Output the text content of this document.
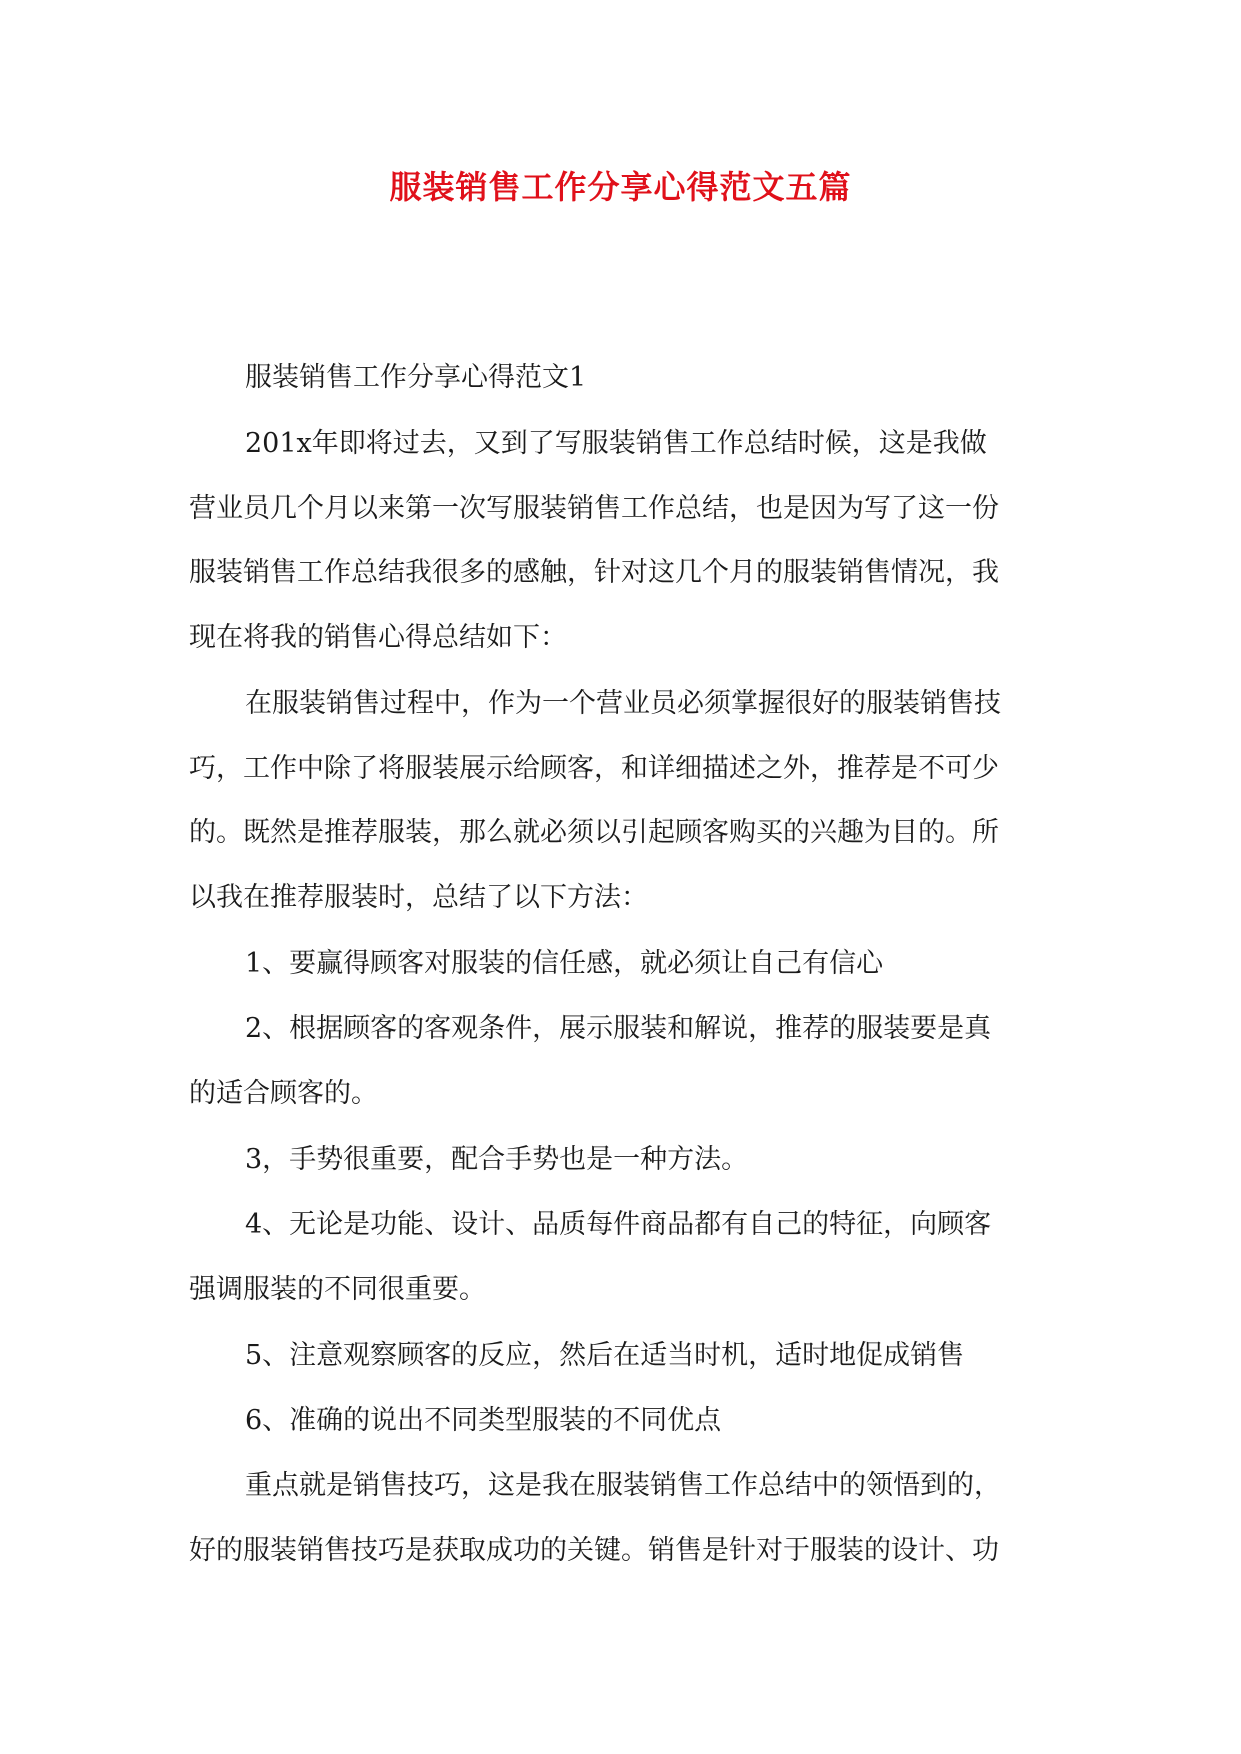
服装销售工作分享心得范文五篇
服装销售工作分享心得范文1
201x年即将过去，又到了写服装销售工作总结时候，这是我做
营业员几个月以来第一次写服装销售工作总结，也是因为写了这一份
服装销售工作总结我很多的感触，针对这几个月的服装销售情况，我
现在将我的销售心得总结如下：
在服装销售过程中，作为一个营业员必须掌握很好的服装销售技
巧，工作中除了将服装展示给顾客，和详细描述之外，推荐是不可少
的。既然是推荐服装，那么就必须以引起顾客购买的兴趣为目的。所
以我在推荐服装时，总结了以下方法：
1、要赢得顾客对服装的信任感，就必须让自己有信心
2、根据顾客的客观条件，展示服装和解说，推荐的服装要是真
的适合顾客的。
3，手势很重要，配合手势也是一种方法。
4、无论是功能、设计、品质每件商品都有自己的特征，向顾客
强调服装的不同很重要。
5、注意观察顾客的反应，然后在适当时机，适时地促成销售
6、准确的说出不同类型服装的不同优点
重点就是销售技巧，这是我在服装销售工作总结中的领悟到的，
好的服装销售技巧是获取成功的关键。销售是针对于服装的设计、功
